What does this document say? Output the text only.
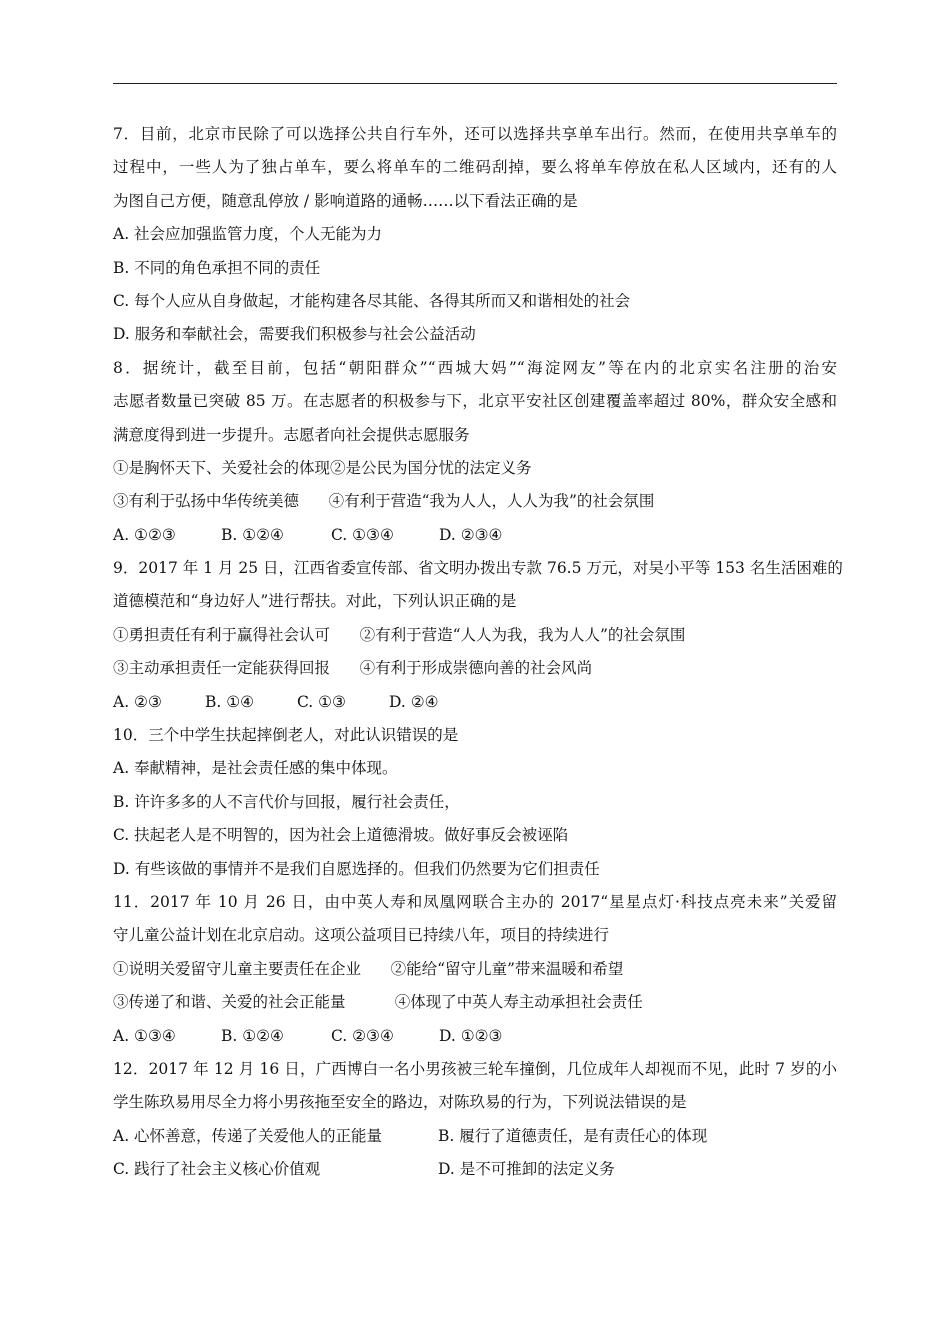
7．目前，北京市民除了可以选择公共自行车外，还可以选择共享单车出行。然而，在使用共享单车的
过程中，一些人为了独占单车，要么将单车的二维码刮掉，要么将单车停放在私人区域内，还有的人
为图自己方便，随意乱停放 / 影响道路的通畅……以下看法正确的是
A. 社会应加强监管力度，个人无能为力
B. 不同的角色承担不同的责任
C. 每个人应从自身做起，才能构建各尽其能、各得其所而又和谐相处的社会
D. 服务和奉献社会，需要我们积极参与社会公益活动
8．据统计，截至目前，包括“朝阳群众”“西城大妈”“海淀网友”等在内的北京实名注册的治安
志愿者数量已突破 85 万。在志愿者的积极参与下，北京平安社区创建覆盖率超过 80%，群众安全感和
满意度得到进一步提升。志愿者向社会提供志愿服务
①是胸怀天下、关爱社会的体现②是公民为国分忧的法定义务
③有利于弘扬中华传统美德      ④有利于营造“我为人人，人人为我”的社会氛围
A. ①②③	B. ①②④	C. ①③④	D. ②③④
9．2017 年 1 月 25 日，江西省委宣传部、省文明办拨出专款 76.5 万元，对吴小平等 153 名生活困难的
道德模范和“身边好人”进行帮扶。对此，下列认识正确的是
①勇担责任有利于赢得社会认可      ②有利于营造“人人为我，我为人人”的社会氛围
③主动承担责任一定能获得回报      ④有利于形成崇德向善的社会风尚
A. ②③	B. ①④	C. ①③	D. ②④
10．三个中学生扶起摔倒老人，对此认识错误的是
A. 奉献精神，是社会责任感的集中体现。
B. 许许多多的人不言代价与回报，履行社会责任，
C. 扶起老人是不明智的，因为社会上道德滑坡。做好事反会被诬陷
D. 有些该做的事情并不是我们自愿选择的。但我们仍然要为它们担责任
11．2017 年 10 月 26 日，由中英人寿和凤凰网联合主办的 2017“星星点灯·科技点亮未来”关爱留
守儿童公益计划在北京启动。这项公益项目已持续八年，项目的持续进行
①说明关爱留守儿童主要责任在企业      ②能给“留守儿童”带来温暖和希望
③传递了和谐、关爱的社会正能量          ④体现了中英人寿主动承担社会责任
A. ①③④	B. ①②④	C. ②③④	D. ①②③
12．2017 年 12 月 16 日，广西博白一名小男孩被三轮车撞倒，几位成年人却视而不见，此时 7 岁的小
学生陈玖易用尽全力将小男孩拖至安全的路边，对陈玖易的行为，下列说法错误的是
A. 心怀善意，传递了关爱他人的正能量	B. 履行了道德责任，是有责任心的体现
C. 践行了社会主义核心价值观	D. 是不可推卸的法定义务
